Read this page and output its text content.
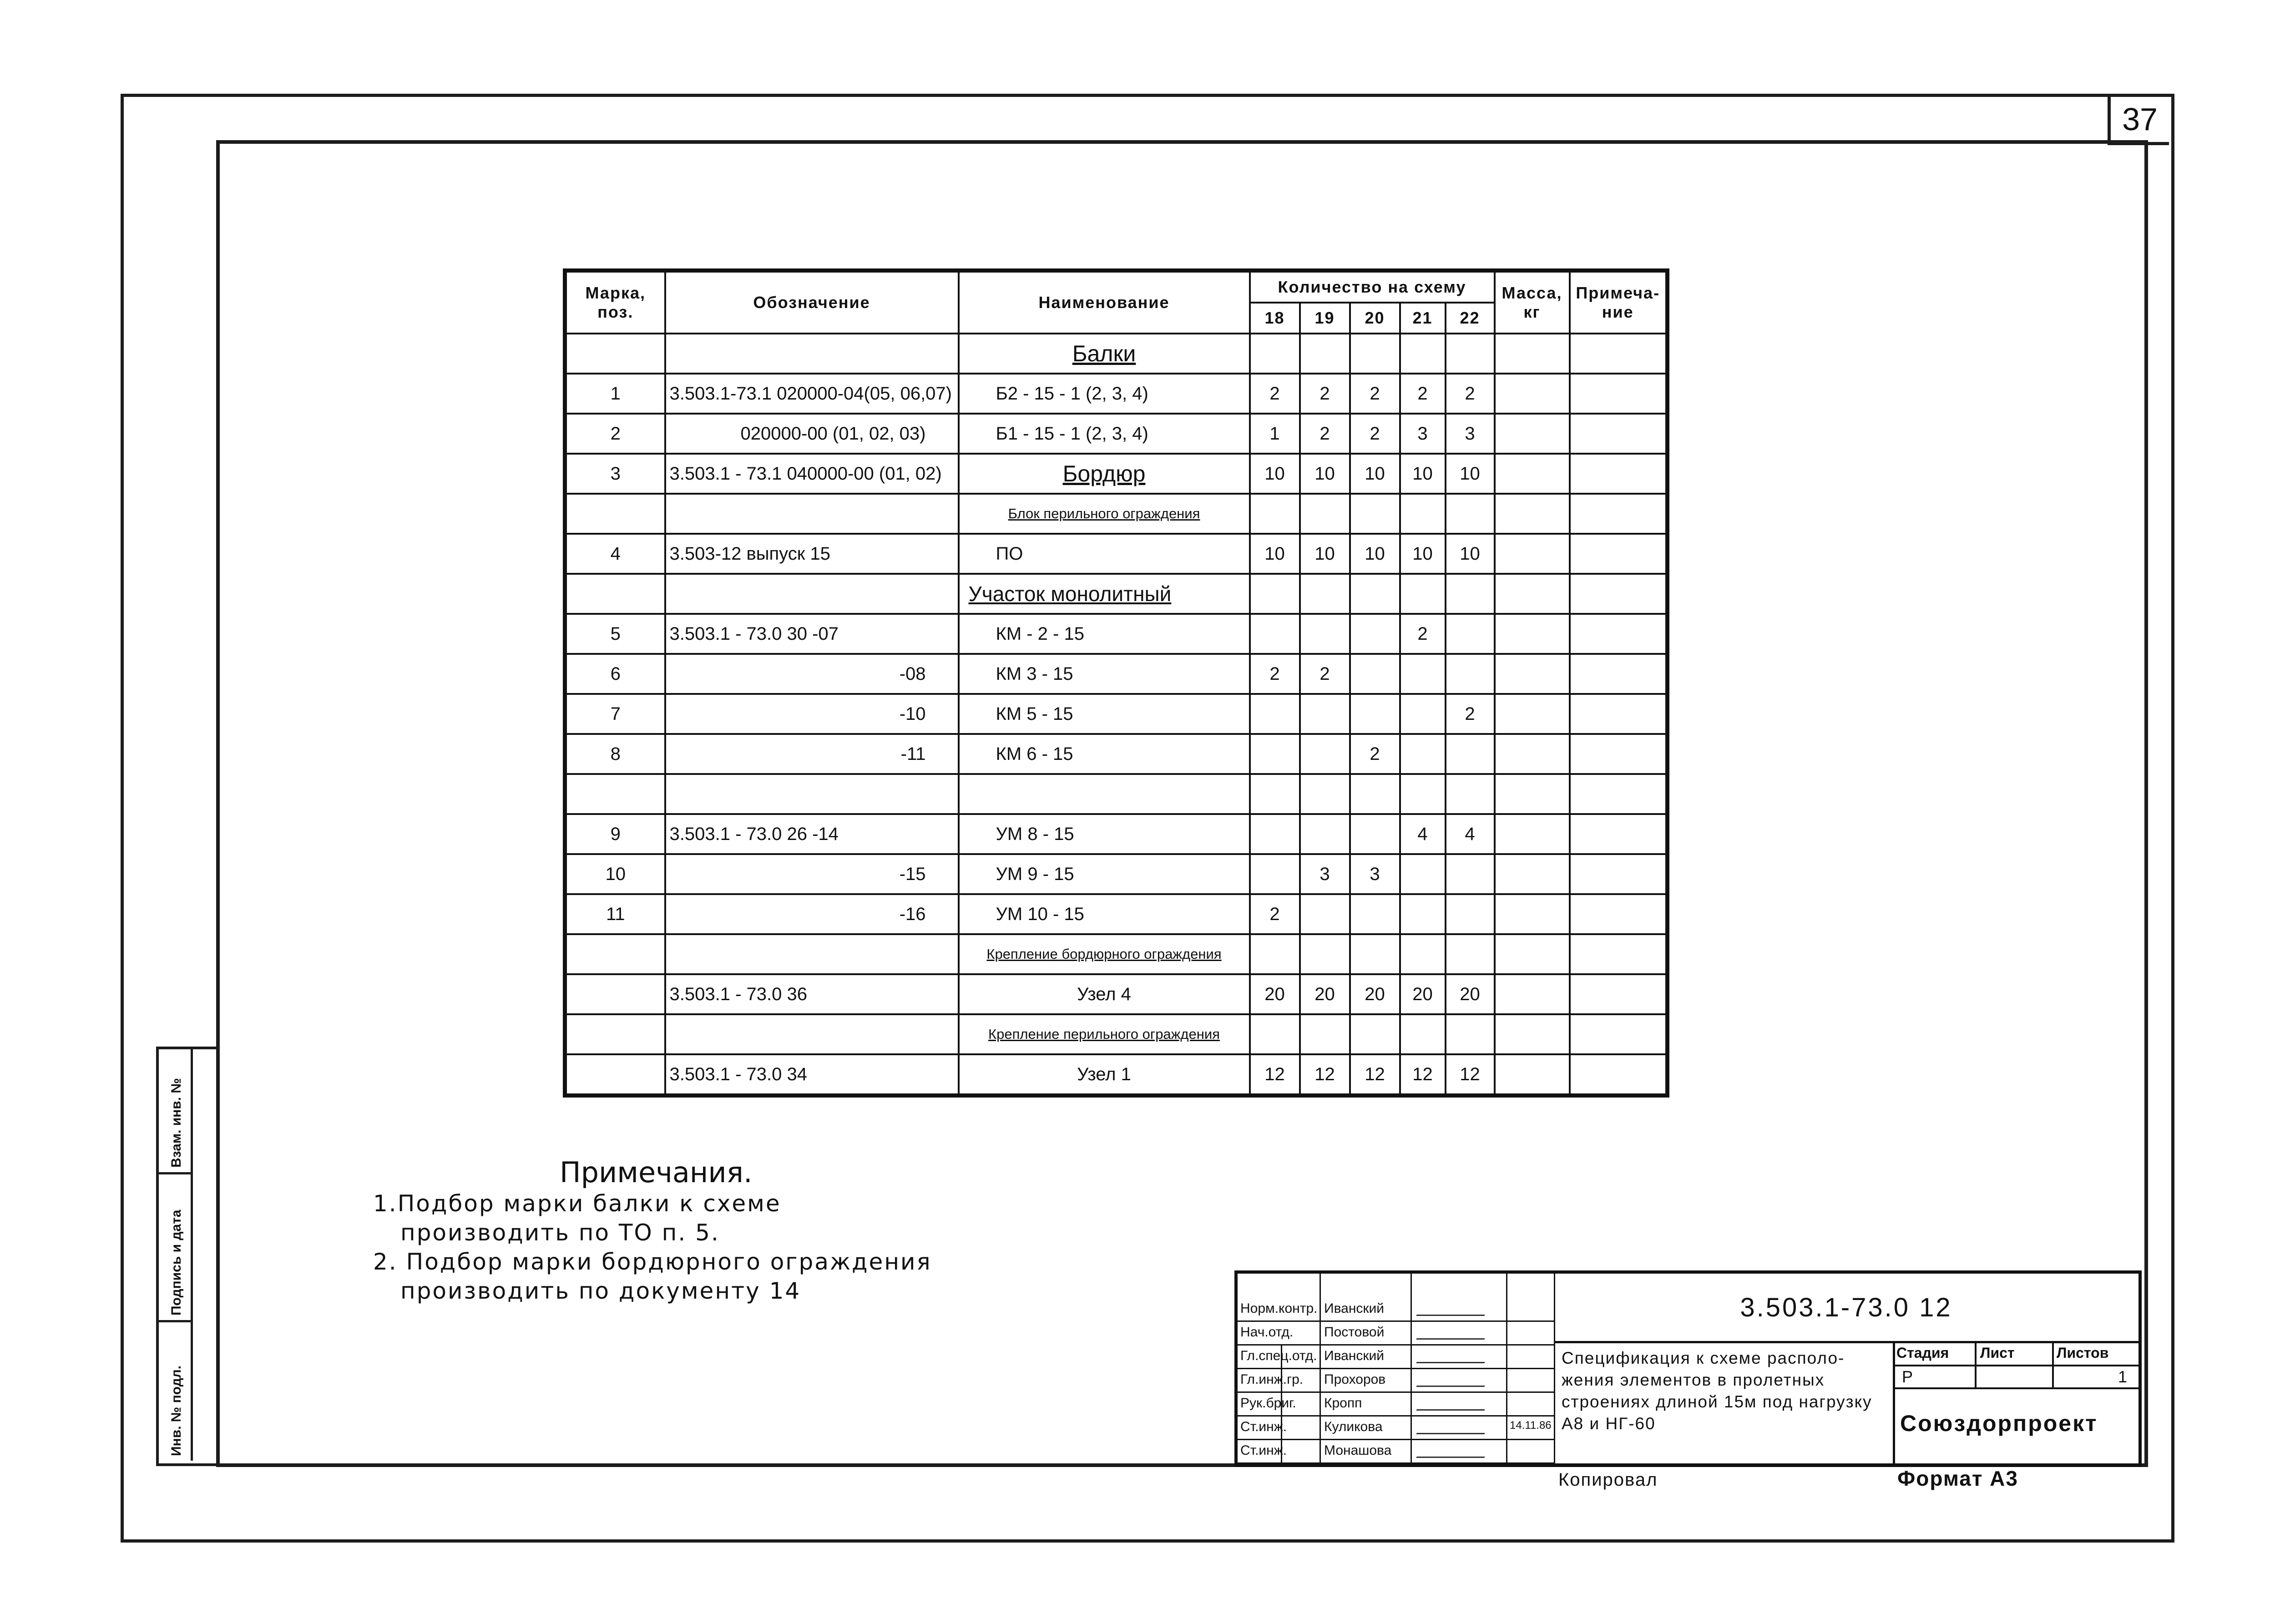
37
Взам. инв. №
Подпись и дата
Инв. № подл.
Марка, поз.	Обозначение	Наименование	Количество на схему					Масса, кг	Примеча-ние
			18	19	20	21	22		
		Балки							
1	3.503.1-73.1 020000-04(05, 06,07)	Б2 - 15 - 1 (2, 3, 4)	2	2	2	2	2		
2	020000-00 (01, 02, 03)	Б1 - 15 - 1 (2, 3, 4)	1	2	2	3	3		
3	3.503.1 - 73.1 040000-00 (01, 02)	Бордюр	10	10	10	10	10		
		Блок перильного ограждения							
4	3.503-12 выпуск 15	ПО	10	10	10	10	10		
		Участок монолитный							
5	3.503.1 - 73.0 30 -07	КМ - 2 - 15				2			
6	-08	КМ 3 - 15	2	2					
7	-10	КМ 5 - 15					2		
8	-11	КМ 6 - 15			2				

9	3.503.1 - 73.0 26 -14	УМ 8 - 15				4	4		
10	-15	УМ 9 - 15		3	3				
11	-16	УМ 10 - 15	2						
		Крепление бордюрного ограждения							
	3.503.1 - 73.0 36	Узел 4	20	20	20	20	20		
		Крепление перильного ограждения							
	3.503.1 - 73.0 34	Узел 1	12	12	12	12	12		
Примечания.
1.Подбор марки балки к схеме
производить по ТО п. 5.
2. Подбор марки бордюрного ограждения
производить по документу 14
Норм.контр. Иванский
Нач.отд. Постовой
Гл.спец.отд. Иванский
Гл.инж.гр. Прохоров
Рук.бриг. Кропп
Ст.инж.	Куликова	14.11.86
Ст.инж.	Монашова
3.503.1-73.0 12
Спецификация к схеме располо- жения элементов в пролетных строениях длиной 15м под нагрузку А8 и НГ-60
Стадия Лист	Листов
Р	1
Союздорпроект
Копировал	Формат А3
